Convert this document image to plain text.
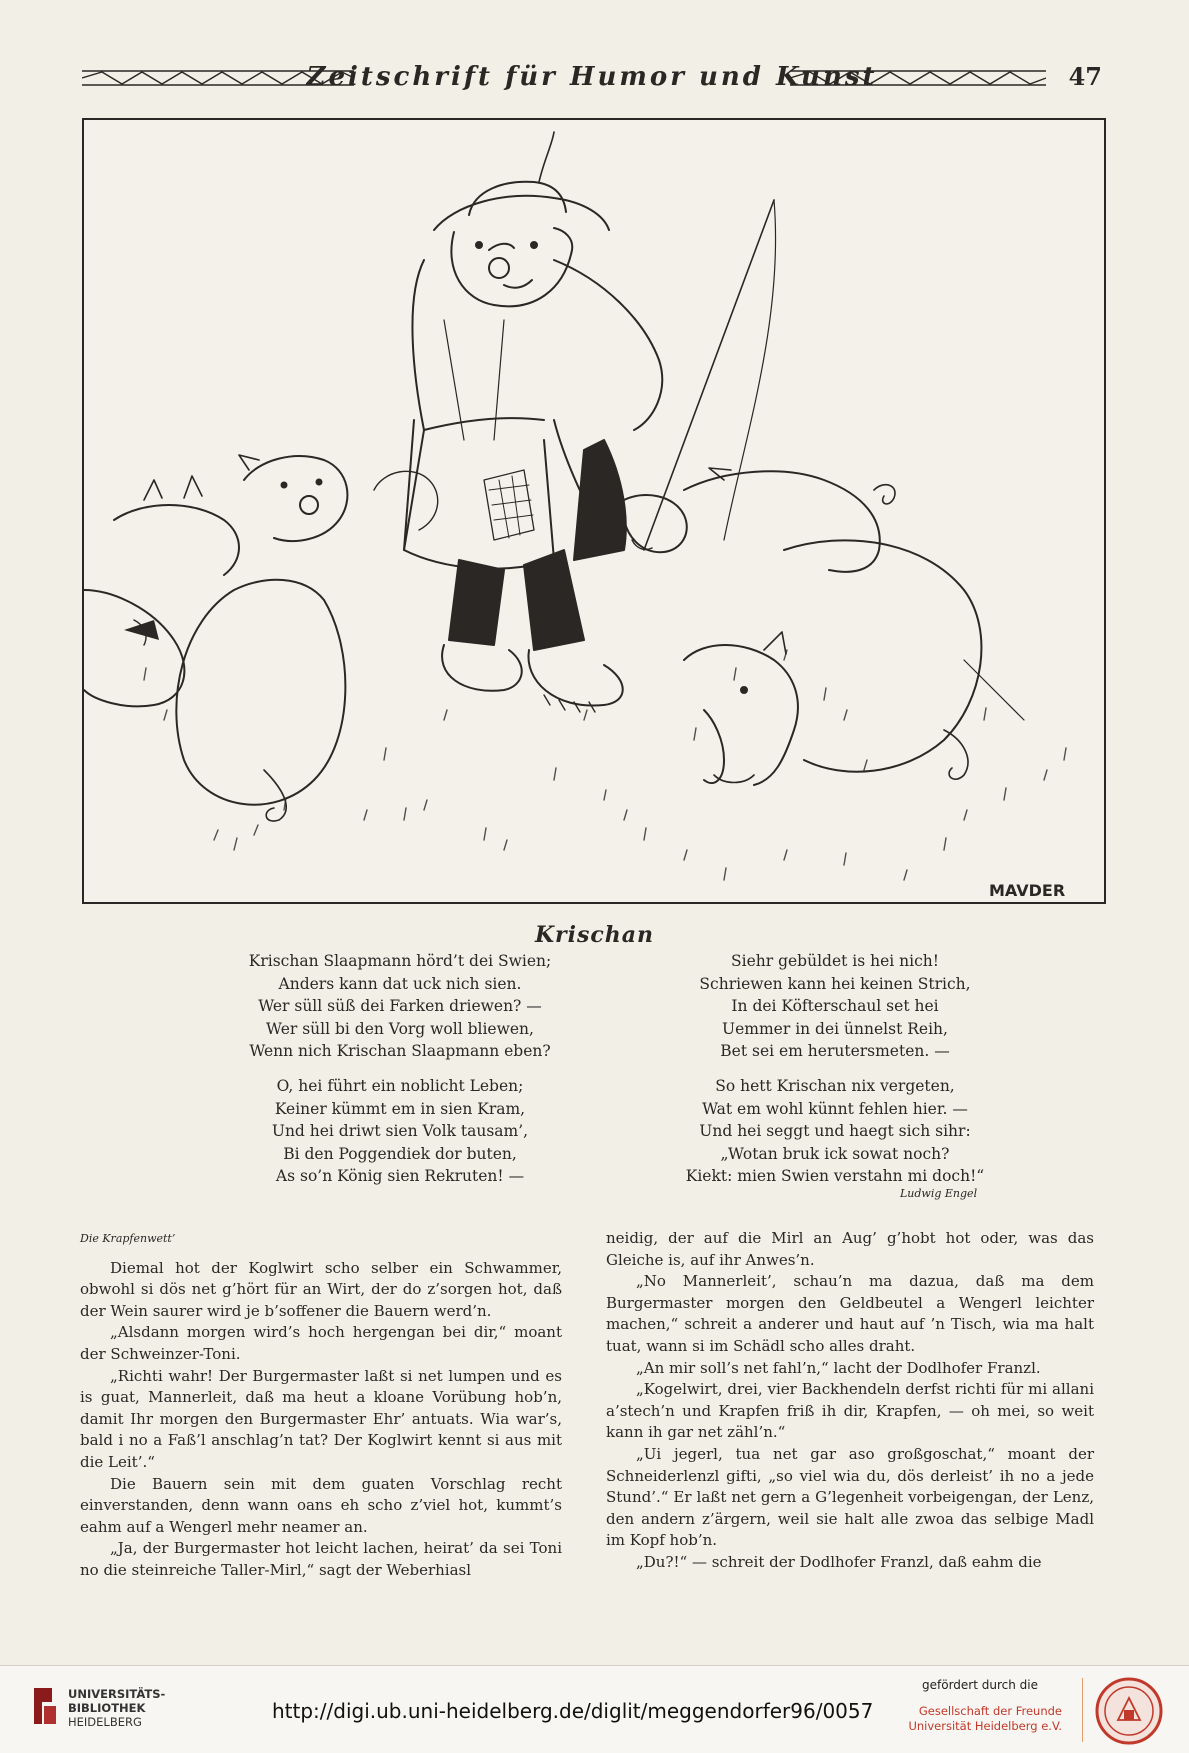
Zeitschrift für Humor und Kunst	47
MAVDER
Krischan
Krischan Slaapmann hörd’t dei Swien;
Anders kann dat uck nich sien.
Wer süll süß dei Farken driewen? —
Wer süll bi den Vorg woll bliewen,
Wenn nich Krischan Slaapmann eben?
O, hei führt ein noblicht Leben;
Keiner kümmt em in sien Kram,
Und hei driwt sien Volk tausam’,
Bi den Poggendiek dor buten,
As so’n König sien Rekruten! —
Siehr gebüldet is hei nich!
Schriewen kann hei keinen Strich,
In dei Köfterschaul set hei
Uemmer in dei ünnelst Reih,
Bet sei em herutersmeten. —
So hett Krischan nix vergeten,
Wat em wohl künnt fehlen hier. —
Und hei seggt und haegt sich sihr:
„Wotan bruk ick sowat noch?
Kiekt: mien Swien verstahn mi doch!“
Ludwig Engel
Die Krapfenwett’

Diemal hot der Koglwirt scho selber ein Schwammer, obwohl si dös net g’hört für an Wirt, der do z’sorgen hot, daß der Wein saurer wird je b’soffener die Bauern werd’n.

„Alsdann morgen wird’s hoch hergengan bei dir,“ moant der Schweinzer-Toni.

„Richti wahr! Der Burgermaster laßt si net lumpen und es is guat, Mannerleit, daß ma heut a kloane Vorübung hob’n, damit Ihr morgen den Burgermaster Ehr’ antuats. Wia war’s, bald i no a Faß’l anschlag’n tat? Der Koglwirt kennt si aus mit die Leit’.“

Die Bauern sein mit dem guaten Vorschlag recht einverstanden, denn wann oans eh scho z’viel hot, kummt’s eahm auf a Wengerl mehr neamer an.

„Ja, der Burgermaster hot leicht lachen, heirat’ da sei Toni no die steinreiche Taller-Mirl,“ sagt der Weberhiasl

neidig, der auf die Mirl an Aug’ g’hobt hot oder, was das Gleiche is, auf ihr Anwes’n.

„No Mannerleit’, schau’n ma dazua, daß ma dem Burgermaster morgen den Geldbeutel a Wengerl leichter machen,“ schreit a anderer und haut auf ’n Tisch, wia ma halt tuat, wann si im Schädl scho alles draht.

„An mir soll’s net fahl’n,“ lacht der Dodlhofer Franzl.

„Kogelwirt, drei, vier Backhendeln derfst richti für mi allani a’stech’n und Krapfen friß ih dir, Krapfen, — oh mei, so weit kann ih gar net zähl’n.“

„Ui jegerl, tua net gar aso großgoschat,“ moant der Schneiderlenzl gifti, „so viel wia du, dös derleist’ ih no a jede Stund’.“ Er laßt net gern a G’legenheit vorbeigengan, der Lenz, den andern z’ärgern, weil sie halt alle zwoa das selbige Madl im Kopf hob’n.

„Du?!“ — schreit der Dodlhofer Franzl, daß eahm die

UNIVERSITÄTS-
BIBLIOTHEK
HEIDELBERG	http://digi.ub.uni-heidelberg.de/diglit/meggendorfer96/0057
gefördert durch die
Gesellschaft der Freunde
Universität Heidelberg e.V.
